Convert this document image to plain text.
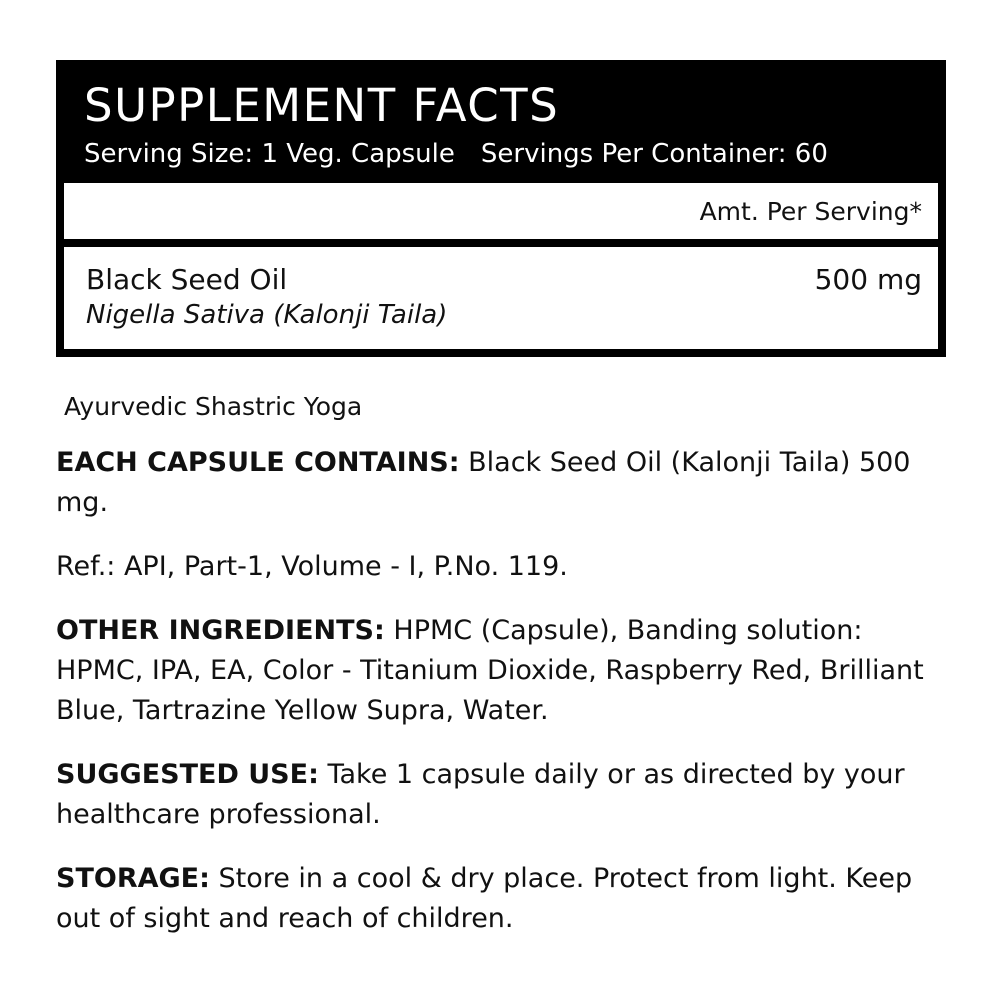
SUPPLEMENT FACTS
Serving Size: 1 Veg. Capsule Servings Per Container: 60
Amt. Per Serving*
Black Seed Oil
Nigella Sativa (Kalonji Taila)
500 mg
Ayurvedic Shastric Yoga

EACH CAPSULE CONTAINS: Black Seed Oil (Kalonji Taila) 500 mg.

Ref.: API, Part-1, Volume - I, P.No. 119.

OTHER INGREDIENTS: HPMC (Capsule), Banding solution: HPMC, IPA, EA, Color - Titanium Dioxide, Raspberry Red, Brilliant Blue, Tartrazine Yellow Supra, Water.

SUGGESTED USE: Take 1 capsule daily or as directed by your healthcare professional.

STORAGE: Store in a cool & dry place. Protect from light. Keep out of sight and reach of children.
